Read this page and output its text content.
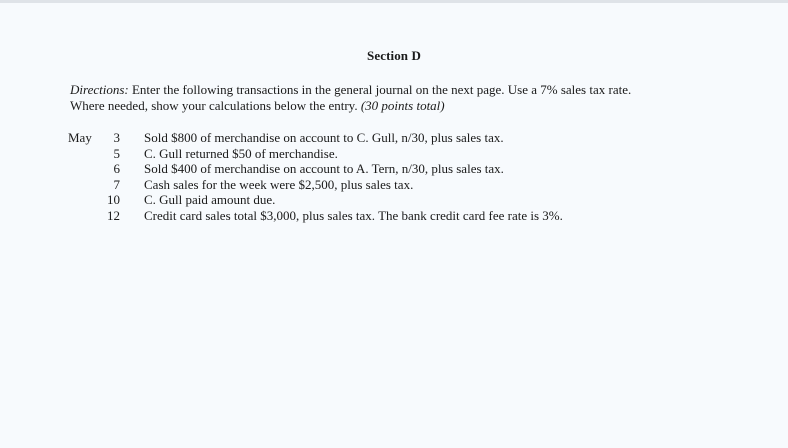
Section D
Directions: Enter the following transactions in the general journal on the next page. Use a 7% sales tax rate. Where needed, show your calculations below the entry. (30 points total)
May	3 Sold $800 of merchandise on account to C. Gull, n/30, plus sales tax.
5 C. Gull returned $50 of merchandise.
6 Sold $400 of merchandise on account to A. Tern, n/30, plus sales tax.
7 Cash sales for the week were $2,500, plus sales tax.
10 C. Gull paid amount due.
12 Credit card sales total $3,000, plus sales tax. The bank credit card fee rate is 3%.
